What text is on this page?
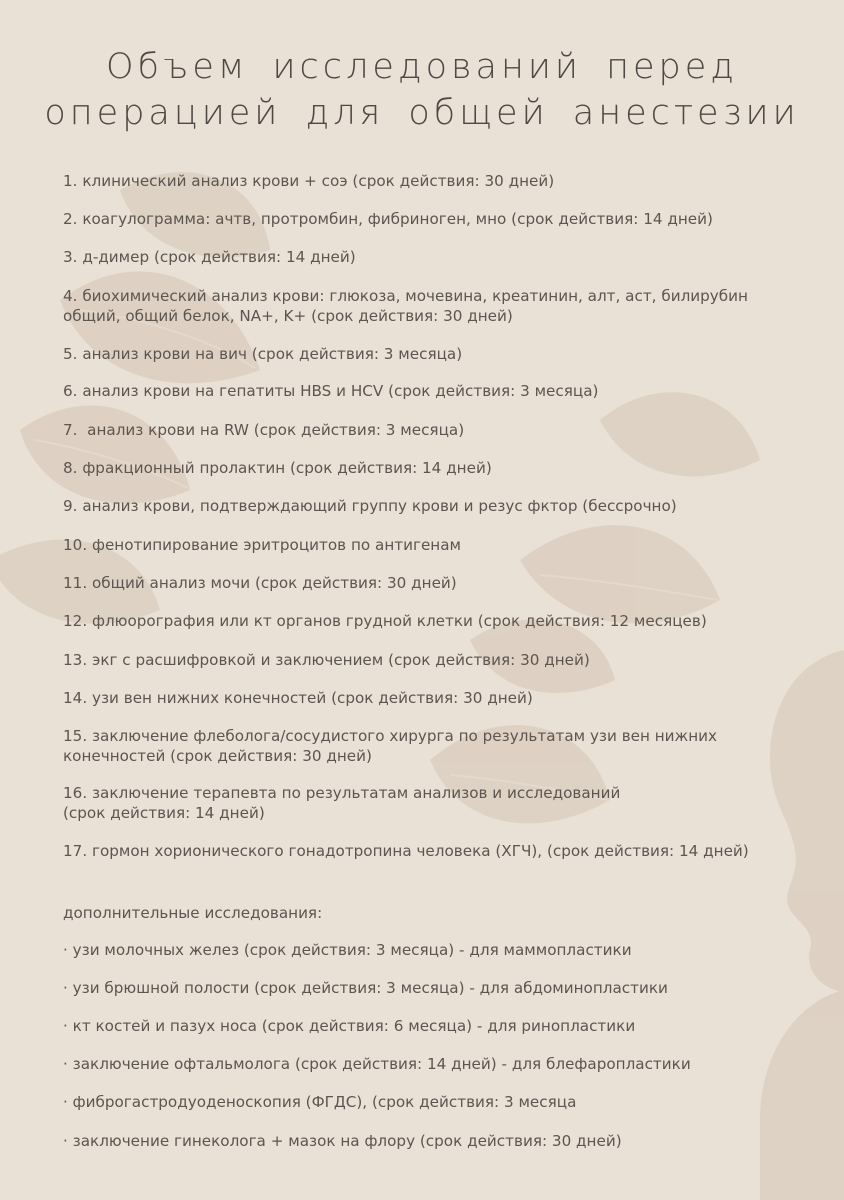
Объем исследований перед
операцией для общей анестезии
1. клинический анализ крови + соэ (срок действия: 30 дней)
2. коагулограмма: ачтв, протромбин, фибриноген, мно (срок действия: 14 дней)
3. д-димер (срок действия: 14 дней)
4. биохимический анализ крови: глюкоза, мочевина, креатинин, алт, аст, билирубин
общий, общий белок, NA+, K+ (срок действия: 30 дней)
5. анализ крови на вич (срок действия: 3 месяца)
6. анализ крови на гепатиты HBS и HCV (срок действия: 3 месяца)
7.  анализ крови на RW (срок действия: 3 месяца)
8. фракционный пролактин (срок действия: 14 дней)
9. анализ крови, подтверждающий группу крови и резус фктор (бессрочно)
10. фенотипирование эритроцитов по антигенам
11. общий анализ мочи (срок действия: 30 дней)
12. флюорография или кт органов грудной клетки (срок действия: 12 месяцев)
13. экг с расшифровкой и заключением (срок действия: 30 дней)
14. узи вен нижних конечностей (срок действия: 30 дней)
15. заключение флеболога/сосудистого хирурга по результатам узи вен нижних
конечностей (срок действия: 30 дней)
16. заключение терапевта по результатам анализов и исследований
(срок действия: 14 дней)
17. гормон хорионического гонадотропина человека (ХГЧ), (срок действия: 14 дней)
дополнительные исследования:
· узи молочных желез (срок действия: 3 месяца) - для маммопластики
· узи брюшной полости (срок действия: 3 месяца) - для абдоминопластики
· кт костей и пазух носа (срок действия: 6 месяца) - для ринопластики
· заключение офтальмолога (срок действия: 14 дней) - для блефаропластики
· фиброгастродуоденоскопия (ФГДС), (срок действия: 3 месяца
· заключение гинеколога + мазок на флору (срок действия: 30 дней)
